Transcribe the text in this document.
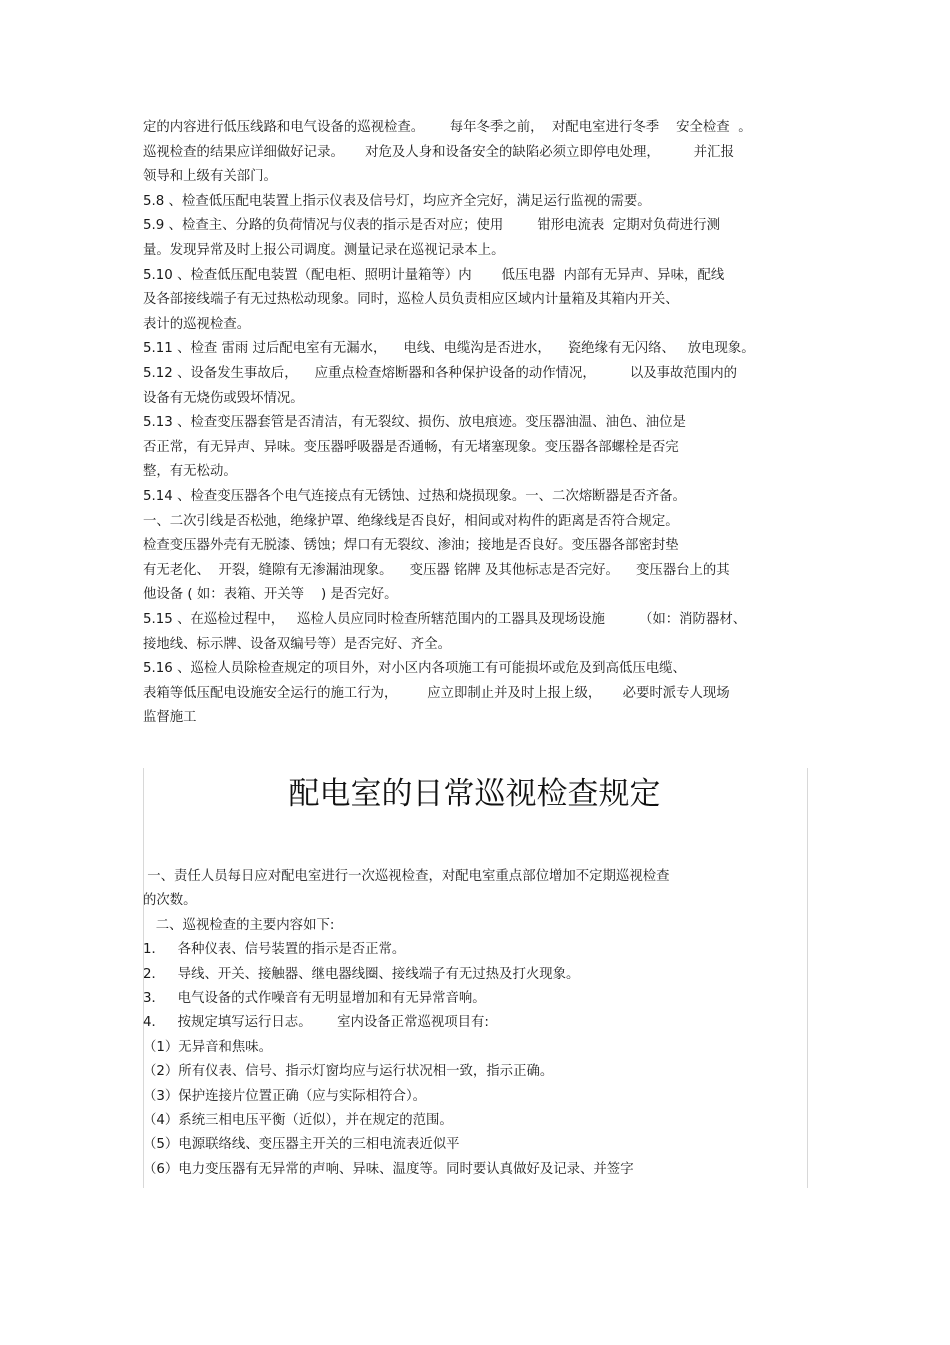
定的内容进行低压线路和电气设备的巡视检查。      每年冬季之前，  对配电室进行冬季    安全检查  。
巡视检查的结果应详细做好记录。     对危及人身和设备安全的缺陷必须立即停电处理，        并汇报
领导和上级有关部门。
5.8 、检查低压配电装置上指示仪表及信号灯，均应齐全完好，满足运行监视的需要。
5.9 、检查主、分路的负荷情况与仪表的指示是否对应；使用        钳形电流表  定期对负荷进行测
量。发现异常及时上报公司调度。测量记录在巡视记录本上。
5.10 、检查低压配电装置（配电柜、照明计量箱等）内       低压电器  内部有无异声、异味，配线
及各部接线端子有无过热松动现象。同时，巡检人员负责相应区域内计量箱及其箱内开关、
表计的巡视检查。
5.11 、检查 雷雨 过后配电室有无漏水，    电线、电缆沟是否进水，    瓷绝缘有无闪络、   放电现象。
5.12 、设备发生事故后，    应重点检查熔断器和各种保护设备的动作情况，        以及事故范围内的
设备有无烧伤或毁坏情况。
5.13 、检查变压器套管是否清洁，有无裂纹、损伤、放电痕迹。变压器油温、油色、油位是
否正常，有无异声、异味。变压器呼吸器是否通畅，有无堵塞现象。变压器各部螺栓是否完
整，有无松动。
5.14 、检查变压器各个电气连接点有无锈蚀、过热和烧损现象。一、二次熔断器是否齐备。
一、二次引线是否松弛，绝缘护罩、绝缘线是否良好，相间或对构件的距离是否符合规定。
检查变压器外壳有无脱漆、锈蚀；焊口有无裂纹、渗油；接地是否良好。变压器各部密封垫
有无老化、  开裂，缝隙有无渗漏油现象。    变压器 铭牌 及其他标志是否完好。    变压器台上的其
他设备 ( 如：表箱、开关等    ) 是否完好。
5.15 、在巡检过程中，   巡检人员应同时检查所辖范围内的工器具及现场设施        （如：消防器材、
接地线、标示牌、设备双编号等）是否完好、齐全。
5.16 、巡检人员除检查规定的项目外，对小区内各项施工有可能损坏或危及到高低压电缆、
表箱等低压配电设施安全运行的施工行为，       应立即制止并及时上报上级，     必要时派专人现场
监督施工
配电室的日常巡视检查规定
一、责任人员每日应对配电室进行一次巡视检查，对配电室重点部位增加不定期巡视检查
的次数。
二、巡视检查的主要内容如下:
1．   各种仪表、信号装置的指示是否正常。
2．   导线、开关、接触器、继电器线圈、接线端子有无过热及打火现象。
3．   电气设备的式作噪音有无明显增加和有无异常音响。
4．   按规定填写运行日志。      室内设备正常巡视项目有:
（1）无异音和焦味。
（2）所有仪表、信号、指示灯窗均应与运行状况相一致，指示正确。
（3）保护连接片位置正确（应与实际相符合）。
（4）系统三相电压平衡（近似），并在规定的范围。
（5）电源联络线、变压器主开关的三相电流表近似平
（6）电力变压器有无异常的声响、异味、温度等。同时要认真做好及记录、并签字
